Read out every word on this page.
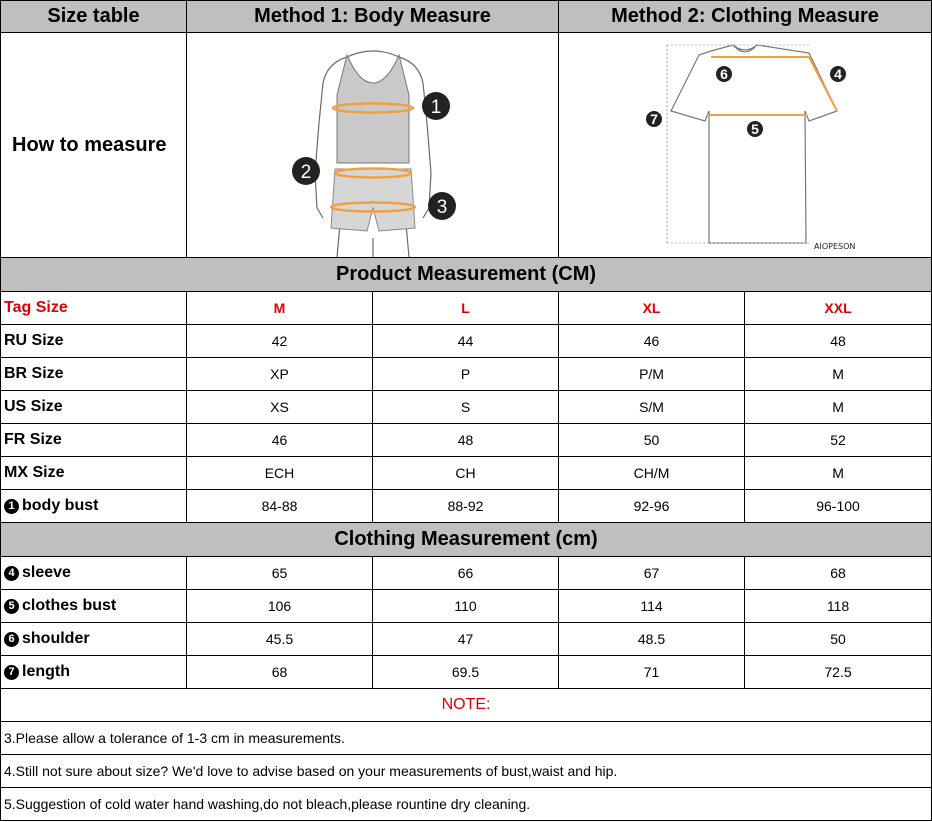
Size table	Method 1: Body Measure		Method 2: Clothing Measure	
How to measure	1
2
3		6 4
7
5
AIOPESON	

Product Measurement (CM)				
Tag Size	M	L	XL	XXL
RU Size	42	44	46	48
BR Size	XP	P	P/M	M
US Size	XS	S	S/M	M
FR Size	46	48	50	52
MX Size	ECH	CH	CH/M	M
1 body bust	84-88	88-92	92-96	96-100
Clothing Measurement (cm)				
4 sleeve	65	66	67	68
5 clothes bust	106	110	114	118
6 shoulder	45.5	47	48.5	50
7 length	68	69.5	71	72.5
NOTE:				
3.Please allow a tolerance of 1-3 cm in measurements.				
4.Still not sure about size? We'd love to advise based on your measurements of bust,waist and hip.				
5.Suggestion of cold water hand washing,do not bleach,please rountine dry cleaning.				
